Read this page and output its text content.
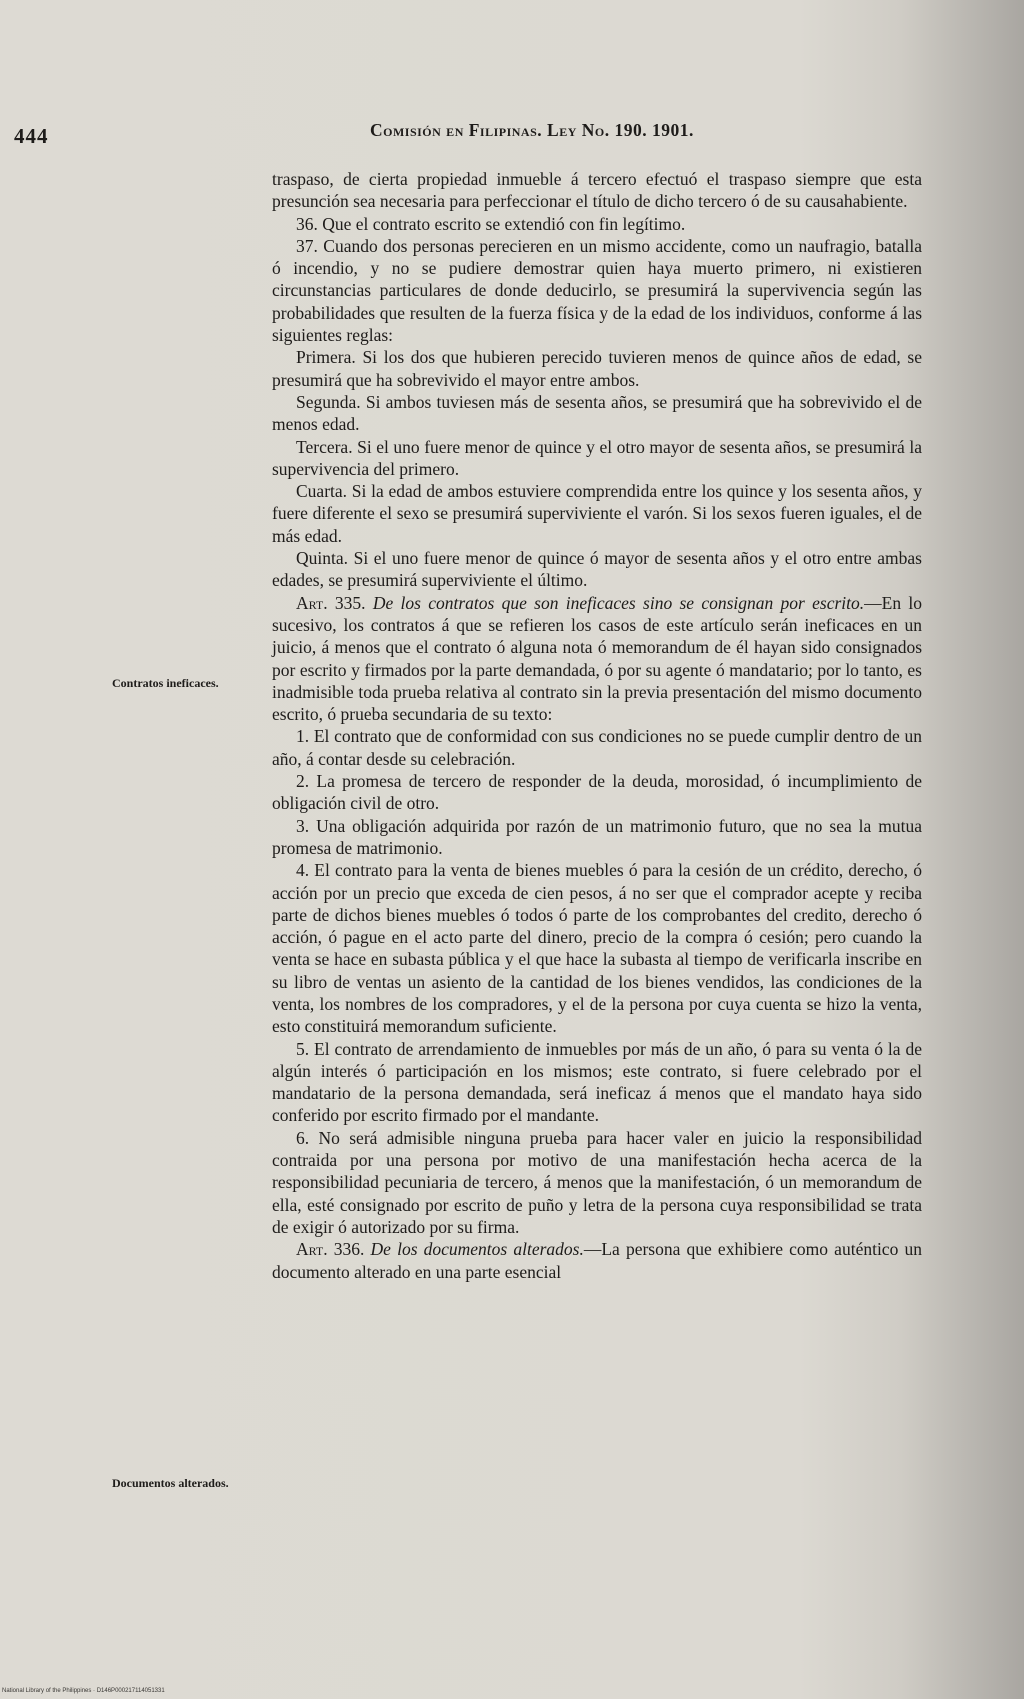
444	Comisión en Filipinas. Ley No. 190. 1901.
Contratos ineficaces.
Documentos alterados.

traspaso, de cierta propiedad inmueble á tercero efectuó el traspaso siempre que esta presunción sea necesaria para perfeccionar el título de dicho tercero ó de su causahabiente.

36. Que el contrato escrito se extendió con fin legítimo.

37. Cuando dos personas perecieren en un mismo accidente, como un naufragio, batalla ó incendio, y no se pudiere demostrar quien haya muerto primero, ni existieren circunstancias particulares de donde deducirlo, se presumirá la supervivencia según las probabilidades que resulten de la fuerza física y de la edad de los individuos, conforme á las siguientes reglas:

Primera. Si los dos que hubieren perecido tuvieren menos de quince años de edad, se presumirá que ha sobrevivido el mayor entre ambos.

Segunda. Si ambos tuviesen más de sesenta años, se presumirá que ha sobrevivido el de menos edad.

Tercera. Si el uno fuere menor de quince y el otro mayor de sesenta años, se presumirá la supervivencia del primero.

Cuarta. Si la edad de ambos estuviere comprendida entre los quince y los sesenta años, y fuere diferente el sexo se presumirá superviviente el varón. Si los sexos fueren iguales, el de más edad.

Quinta. Si el uno fuere menor de quince ó mayor de sesenta años y el otro entre ambas edades, se presumirá superviviente el último.

Art. 335. De los contratos que son ineficaces sino se consignan por escrito.—En lo sucesivo, los contratos á que se refieren los casos de este artículo serán ineficaces en un juicio, á menos que el contrato ó alguna nota ó memorandum de él hayan sido consignados por escrito y firmados por la parte demandada, ó por su agente ó mandatario; por lo tanto, es inadmisible toda prueba relativa al contrato sin la previa presentación del mismo documento escrito, ó prueba secundaria de su texto:

1. El contrato que de conformidad con sus condiciones no se puede cumplir dentro de un año, á contar desde su celebración.

2. La promesa de tercero de responder de la deuda, morosidad, ó incumplimiento de obligación civil de otro.

3. Una obligación adquirida por razón de un matrimonio futuro, que no sea la mutua promesa de matrimonio.

4. El contrato para la venta de bienes muebles ó para la cesión de un crédito, derecho, ó acción por un precio que exceda de cien pesos, á no ser que el comprador acepte y reciba parte de dichos bienes muebles ó todos ó parte de los comprobantes del credito, derecho ó acción, ó pague en el acto parte del dinero, precio de la compra ó cesión; pero cuando la venta se hace en subasta pública y el que hace la subasta al tiempo de verificarla inscribe en su libro de ventas un asiento de la cantidad de los bienes vendidos, las condiciones de la venta, los nombres de los compradores, y el de la persona por cuya cuenta se hizo la venta, esto constituirá memorandum suficiente.

5. El contrato de arrendamiento de inmuebles por más de un año, ó para su venta ó la de algún interés ó participación en los mismos; este contrato, si fuere celebrado por el mandatario de la persona demandada, será ineficaz á menos que el mandato haya sido conferido por escrito firmado por el mandante.

6. No será admisible ninguna prueba para hacer valer en juicio la responsibilidad contraida por una persona por motivo de una manifestación hecha acerca de la responsibilidad pecuniaria de tercero, á menos que la manifestación, ó un memorandum de ella, esté consignado por escrito de puño y letra de la persona cuya responsibilidad se trata de exigir ó autorizado por su firma.

Art. 336. De los documentos alterados.—La persona que exhibiere como auténtico un documento alterado en una parte esencial

National Library of the Philippines · D146P000217114051331
